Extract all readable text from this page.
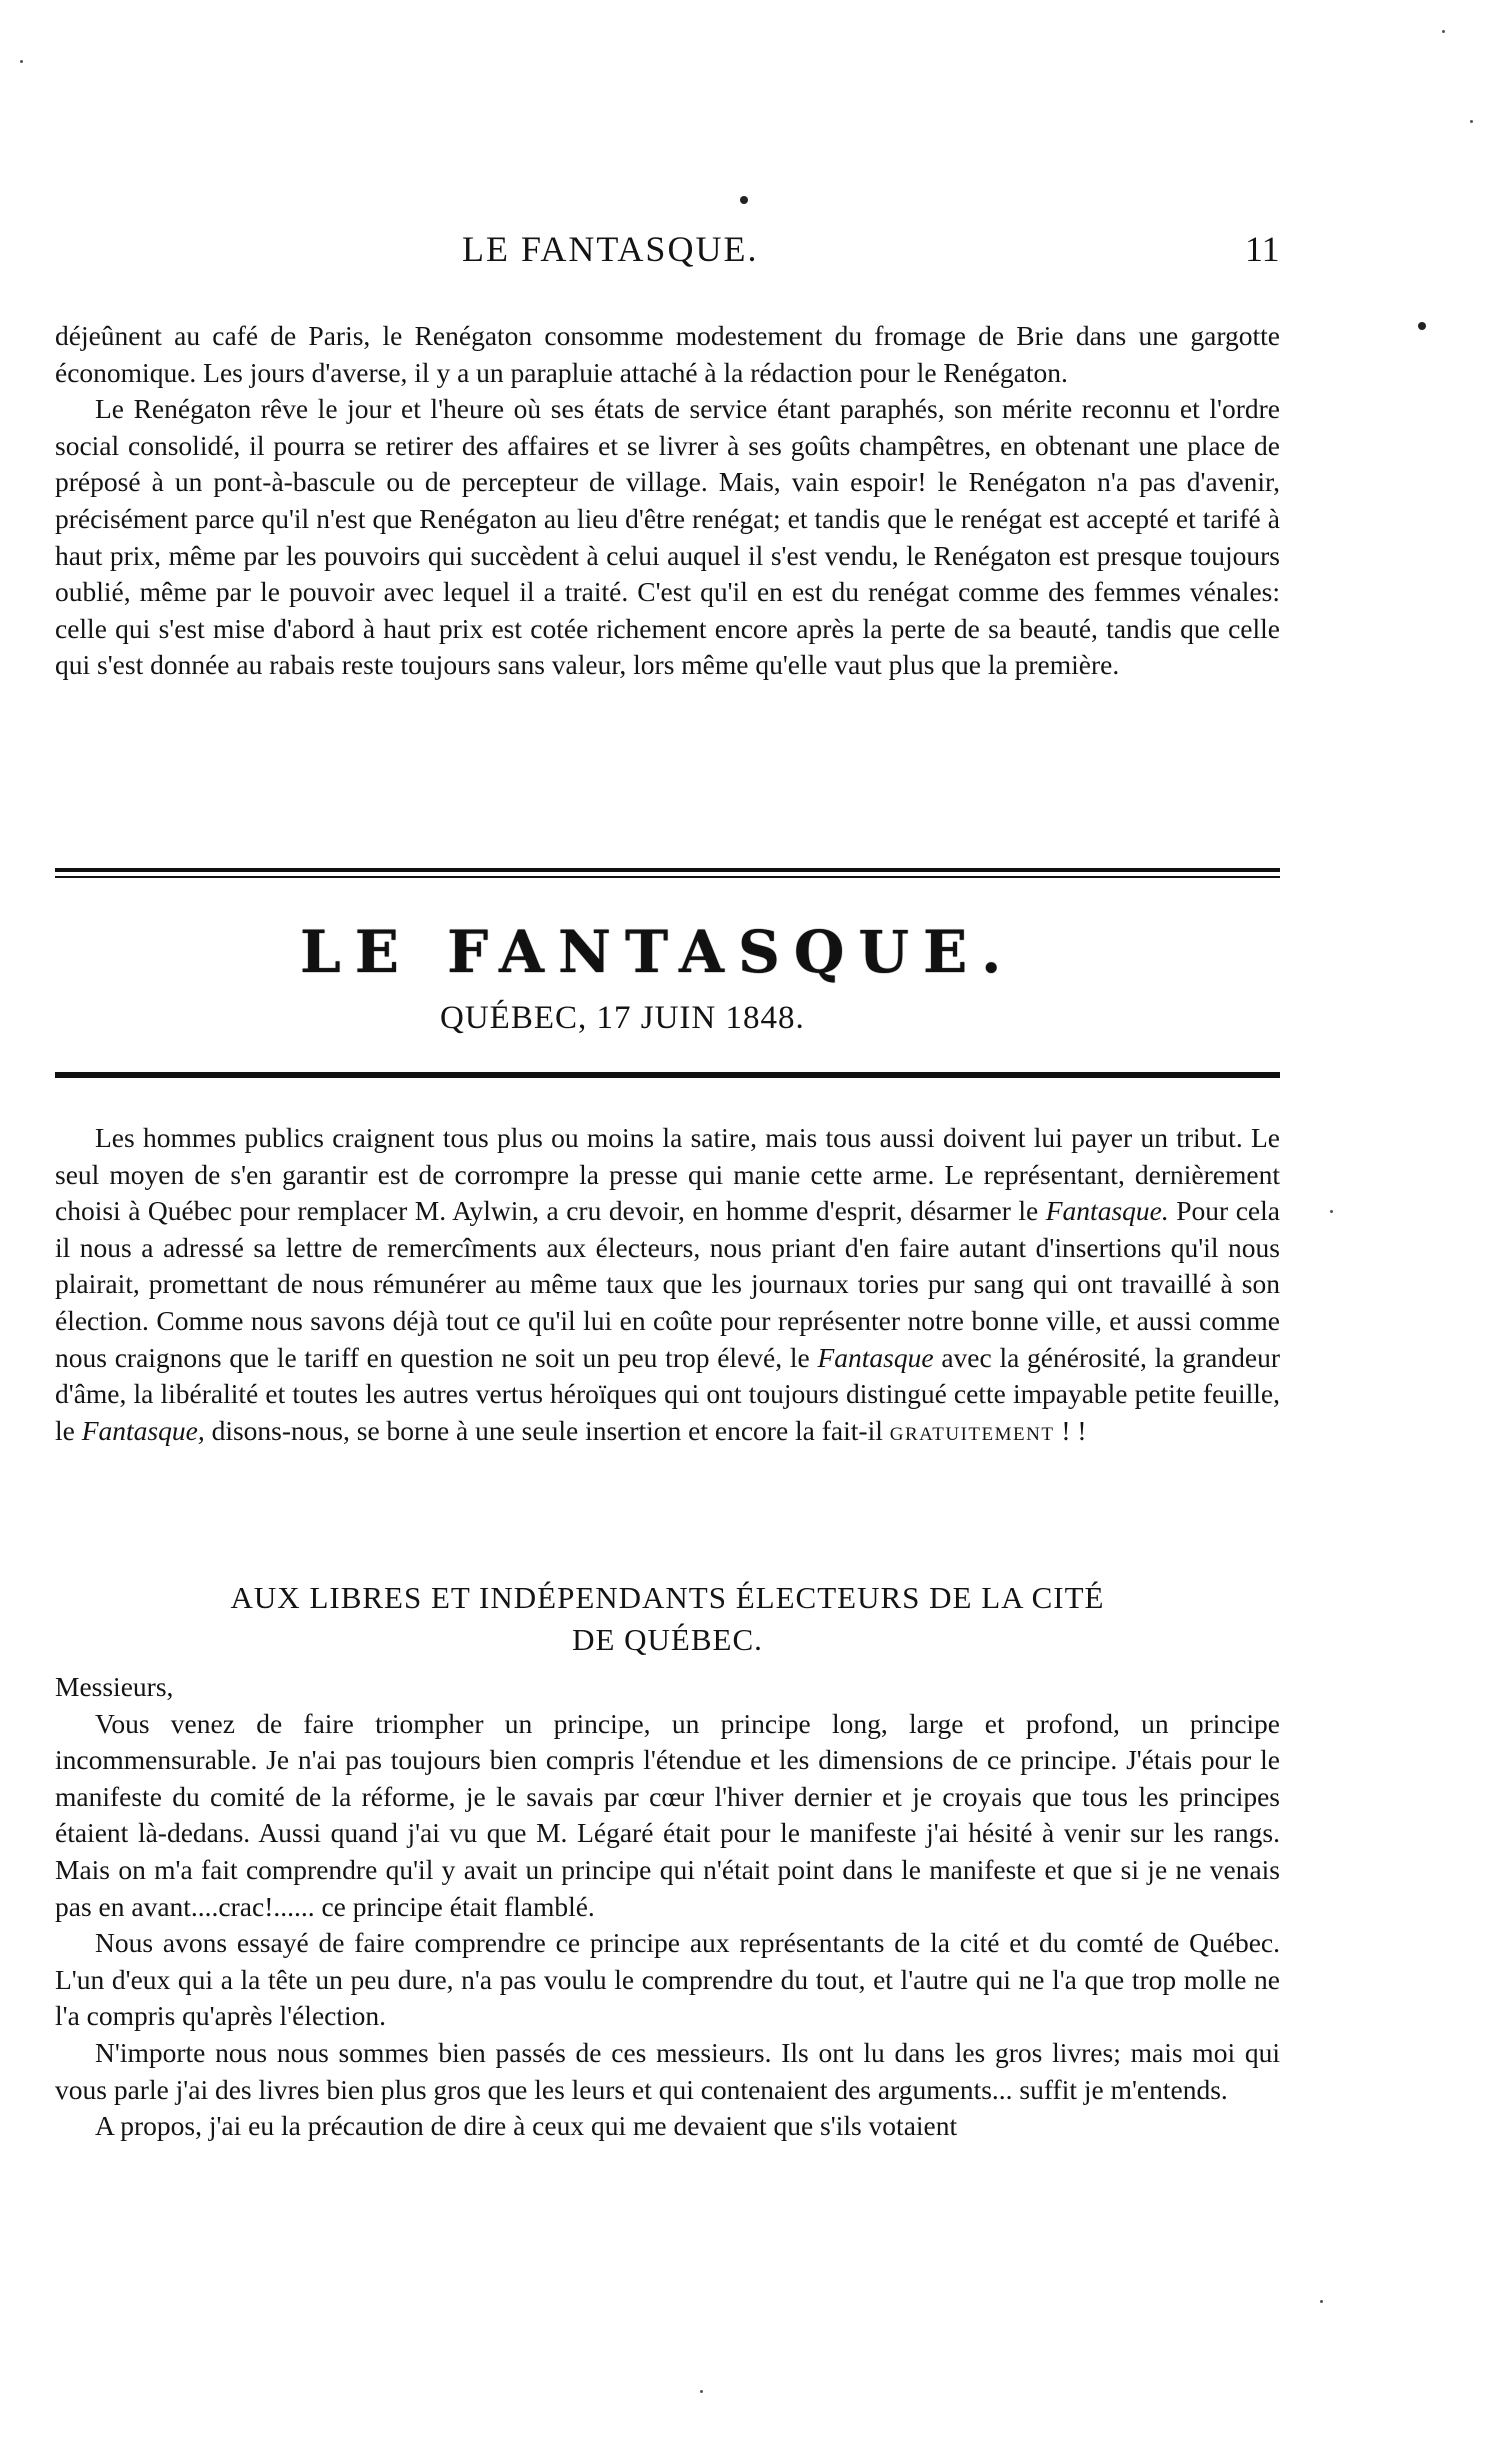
LE FANTASQUE.	11

déjeûnent au café de Paris, le Renégaton consomme modestement du fromage de Brie dans une gargotte économique. Les jours d'averse, il y a un parapluie attaché à la rédaction pour le Renégaton.

Le Renégaton rêve le jour et l'heure où ses états de service étant paraphés, son mérite reconnu et l'ordre social consolidé, il pourra se retirer des affaires et se livrer à ses goûts champêtres, en obtenant une place de préposé à un pont-à-bascule ou de percepteur de village. Mais, vain espoir! le Renégaton n'a pas d'avenir, précisément parce qu'il n'est que Renégaton au lieu d'être renégat; et tandis que le renégat est accepté et tarifé à haut prix, même par les pouvoirs qui succèdent à celui auquel il s'est vendu, le Renégaton est presque toujours oublié, même par le pouvoir avec lequel il a traité. C'est qu'il en est du renégat comme des femmes vénales: celle qui s'est mise d'abord à haut prix est cotée richement encore après la perte de sa beauté, tandis que celle qui s'est donnée au rabais reste toujours sans valeur, lors même qu'elle vaut plus que la première.

LE FANTASQUE.
QUÉBEC, 17 JUIN 1848.

Les hommes publics craignent tous plus ou moins la satire, mais tous aussi doivent lui payer un tribut. Le seul moyen de s'en garantir est de corrompre la presse qui manie cette arme. Le représentant, dernièrement choisi à Québec pour remplacer M. Aylwin, a cru devoir, en homme d'esprit, désarmer le Fantasque. Pour cela il nous a adressé sa lettre de remercîments aux électeurs, nous priant d'en faire autant d'insertions qu'il nous plairait, promettant de nous rémunérer au même taux que les journaux tories pur sang qui ont travaillé à son élection. Comme nous savons déjà tout ce qu'il lui en coûte pour représenter notre bonne ville, et aussi comme nous craignons que le tariff en question ne soit un peu trop élevé, le Fantasque avec la générosité, la grandeur d'âme, la libéralité et toutes les autres vertus héroïques qui ont toujours distingué cette impayable petite feuille, le Fantasque, disons-nous, se borne à une seule insertion et encore la fait-il gratuitement ! !

AUX LIBRES ET INDÉPENDANTS ÉLECTEURS DE LA CITÉ
DE QUÉBEC.

Messieurs,

Vous venez de faire triompher un principe, un principe long, large et profond, un principe incommensurable. Je n'ai pas toujours bien compris l'étendue et les dimensions de ce principe. J'étais pour le manifeste du comité de la réforme, je le savais par cœur l'hiver dernier et je croyais que tous les principes étaient là-dedans. Aussi quand j'ai vu que M. Légaré était pour le manifeste j'ai hésité à venir sur les rangs. Mais on m'a fait comprendre qu'il y avait un principe qui n'était point dans le manifeste et que si je ne venais pas en avant....crac!...... ce principe était flamblé.

Nous avons essayé de faire comprendre ce principe aux représentants de la cité et du comté de Québec. L'un d'eux qui a la tête un peu dure, n'a pas voulu le comprendre du tout, et l'autre qui ne l'a que trop molle ne l'a compris qu'après l'élection.

N'importe nous nous sommes bien passés de ces messieurs. Ils ont lu dans les gros livres; mais moi qui vous parle j'ai des livres bien plus gros que les leurs et qui contenaient des arguments... suffit je m'entends.

A propos, j'ai eu la précaution de dire à ceux qui me devaient que s'ils votaient
